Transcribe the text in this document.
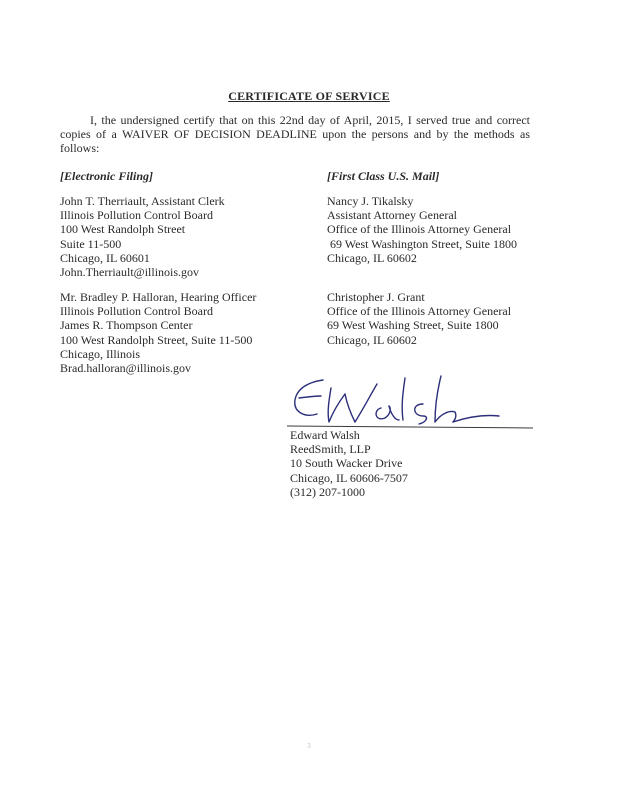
CERTIFICATE OF SERVICE
I, the undersigned certify that on this 22nd day of April, 2015, I served true and correct copies of a WAIVER OF DECISION DEADLINE upon the persons and by the methods as follows:
[Electronic Filing]	[First Class U.S. Mail]
John T. Therriault, Assistant Clerk
Illinois Pollution Control Board
100 West Randolph Street
Suite 11-500
Chicago, IL 60601
John.Therriault@illinois.gov
Mr. Bradley P. Halloran, Hearing Officer
Illinois Pollution Control Board
James R. Thompson Center
100 West Randolph Street, Suite 11-500
Chicago, Illinois
Brad.halloran@illinois.gov
Nancy J. Tikalsky
Assistant Attorney General
Office of the Illinois Attorney General
69 West Washington Street, Suite 1800
Chicago, IL 60602
Christopher J. Grant
Office of the Illinois Attorney General
69 West Washing Street, Suite 1800
Chicago, IL 60602
Edward Walsh
ReedSmith, LLP
10 South Wacker Drive
Chicago, IL 60606-7507
(312) 207-1000
3
